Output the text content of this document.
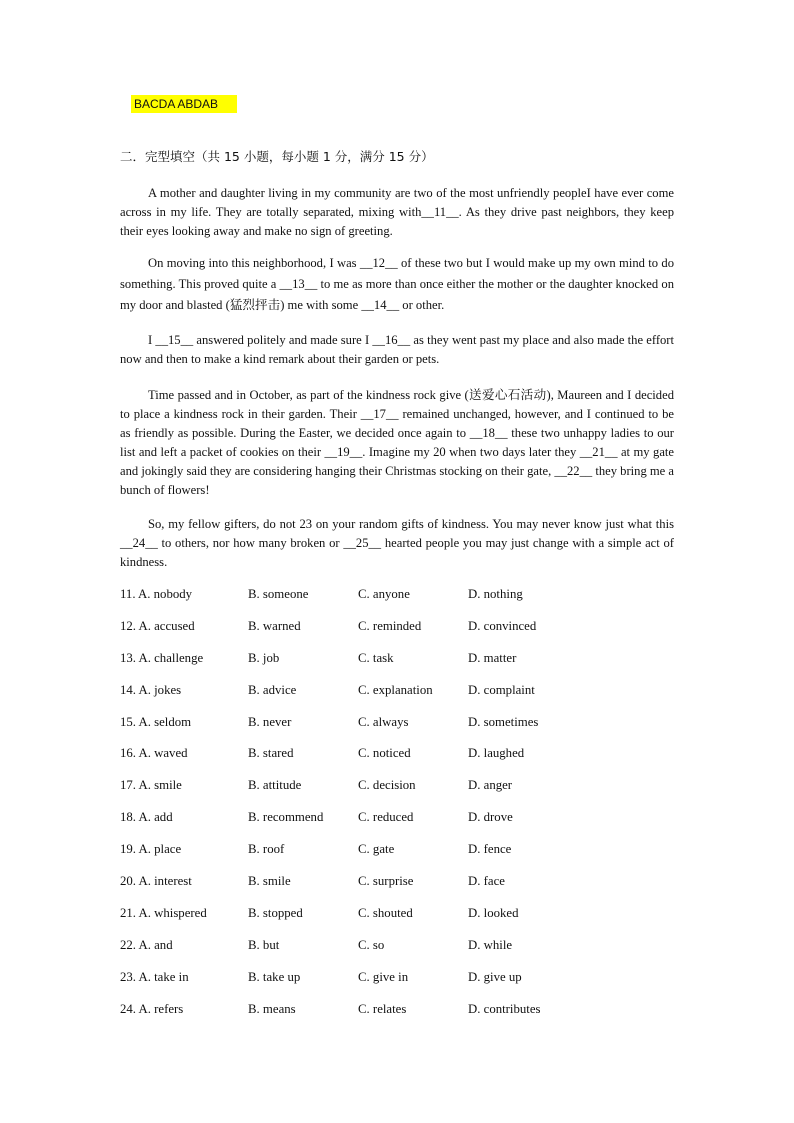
BACDA ABDAB
二．完型填空（共 15 小题，每小题 1 分，满分 15 分）

A mother and daughter living in my community are two of the most unfriendly peopleI have ever come across in my life. They are totally separated, mixing with__11__. As they drive past neighbors, they keep their eyes looking away and make no sign of greeting.

On moving into this neighborhood, I was __12__ of these two but I would make up my own mind to do something. This proved quite a __13__ to me as more than once either the mother or the daughter knocked on my door and blasted (猛烈抨击) me with some __14__ or other.

I __15__ answered politely and made sure I __16__ as they went past my place and also made the effort now and then to make a kind remark about their garden or pets.

Time passed and in October, as part of the kindness rock give (送爱心石活动), Maureen and I decided to place a kindness rock in their garden. Their __17__ remained unchanged, however, and I continued to be as friendly as possible. During the Easter, we decided once again to __18__ these two unhappy ladies to our list and left a packet of cookies on their __19__. Imagine my 20 when two days later they __21__ at my gate and jokingly said they are considering hanging their Christmas stocking on their gate, __22__ they bring me a bunch of flowers!

So, my fellow gifters, do not 23 on your random gifts of kindness. You may never know just what this __24__ to others, nor how many broken or __25__ hearted people you may just change with a simple act of kindness.

11. A. nobody	B. someone	C. anyone	D. nothing
12. A. accused	B. warned	C. reminded	D. convinced
13. A. challenge	B. job	C. task	D. matter
14. A. jokes	B. advice	C. explanation	D. complaint
15. A. seldom	B. never	C. always	D. sometimes
16. A. waved	B. stared	C. noticed	D. laughed
17. A. smile	B. attitude	C. decision	D. anger
18. A. add	B. recommend	C. reduced	D. drove
19. A. place	B. roof	C. gate	D. fence
20. A. interest	B. smile	C. surprise	D. face
21. A. whispered	B. stopped	C. shouted	D. looked
22. A. and	B. but	C. so	D. while
23. A. take in	B. take up	C. give in	D. give up
24. A. refers	B. means	C. relates	D. contributes
